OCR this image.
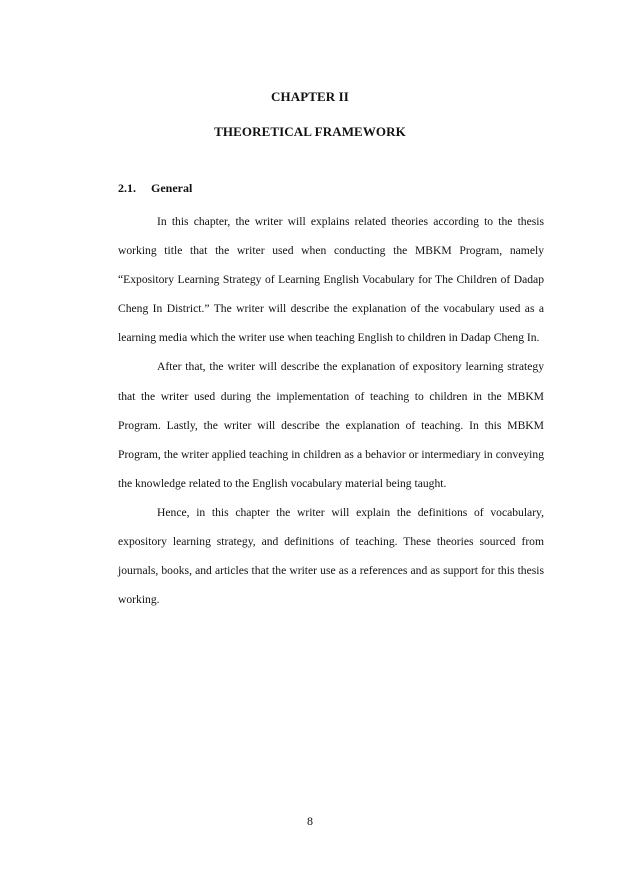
CHAPTER II
THEORETICAL FRAMEWORK
2.1. General

In this chapter, the writer will explains related theories according to the thesis working title that the writer used when conducting the MBKM Program, namely “Expository Learning Strategy of Learning English Vocabulary for The Children of Dadap Cheng In District.” The writer will describe the explanation of the vocabulary used as a learning media which the writer use when teaching English to children in Dadap Cheng In.

After that, the writer will describe the explanation of expository learning strategy that the writer used during the implementation of teaching to children in the MBKM Program. Lastly, the writer will describe the explanation of teaching. In this MBKM Program, the writer applied teaching in children as a behavior or intermediary in conveying the knowledge related to the English vocabulary material being taught.

Hence, in this chapter the writer will explain the definitions of vocabulary, expository learning strategy, and definitions of teaching. These theories sourced from journals, books, and articles that the writer use as a references and as support for this thesis working.

8
